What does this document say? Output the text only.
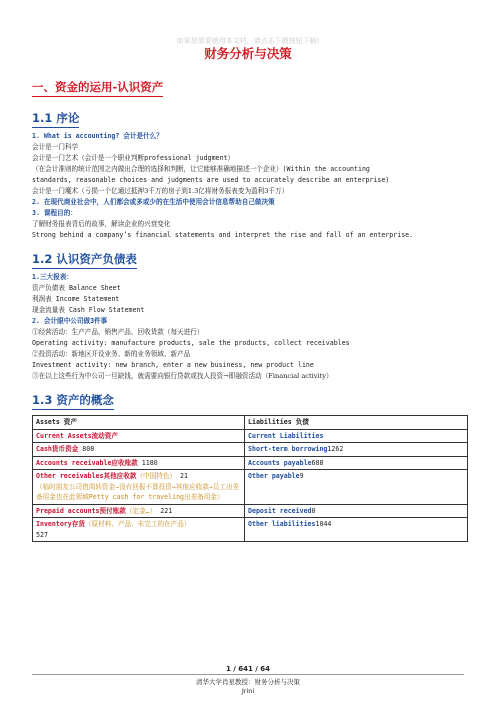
如果您需要使用本文档，请点击下载按钮下载!
财务分析与决策
一、资金的运用-认识资产
1.1 序论

1. What is accounting? 会计是什么？

会计是一门科学

会计是一门艺术（会计是一个职业判断professional judgment）

（在会计准则的统计范围之内做出合理的选择和判断，让它能够准确地描述一个企业）(Within the accounting

standards, reasonable choices and judgments are used to accurately describe an enterprise)

会计是一门魔术（亏损一个亿通过抵押3千万的房子到1.3亿将财务报表变为盈利3千万）

2. 在现代商业社会中，人们都会或多或少的在生活中使用会计信息帮助自己做决策

3. 课程目的：

了解财务报表背后的故事，解读企业的兴衰变化

Strong behind a company’s financial statements and interpret the rise and fall of an enterprise.

1.2 认识资产负债表

1.三大报表：

资产负债表 Balance Sheet

利润表 Income Statement

现金流量表 Cash Flow Statement

2. 会计眼中公司做3件事

①经营活动：生产产品、销售产品、回收货款（每天进行）

Operating activity: manufacture products, sale the products, collect receivables

②投资活动：新地区开设业务、新的业务领域、新产品

Investment activity: new branch, enter a new business, new product line

③在以上这些行为中公司一旦缺钱，就需要向银行贷款或找人投资→即融资活动（Financial activity）

1.3 资产的概念
Assets 资产	Liabilities 负债
Current Assets流动资产	Current Liabilities
Cash货币资金 808	Short-term borrowing1262
Accounts receivable应收账款 1180	Accounts payable688
Other receivables其他应收款（中国特色） 21
（临时朋友公司借周转资金→没有回报不算投资→其他应收款→员工出差备用金也在此领域Petty cash for traveling出差备用金）	Other payable9
Prepaid accounts预付账款（定金…） 221	Deposit received0
Inventory存货（原材料、产品、未完工的在产品）
527	Other liabilities1044
1 / 641 / 64
清华大学肖星教授：财务分析与决策
Jrini
